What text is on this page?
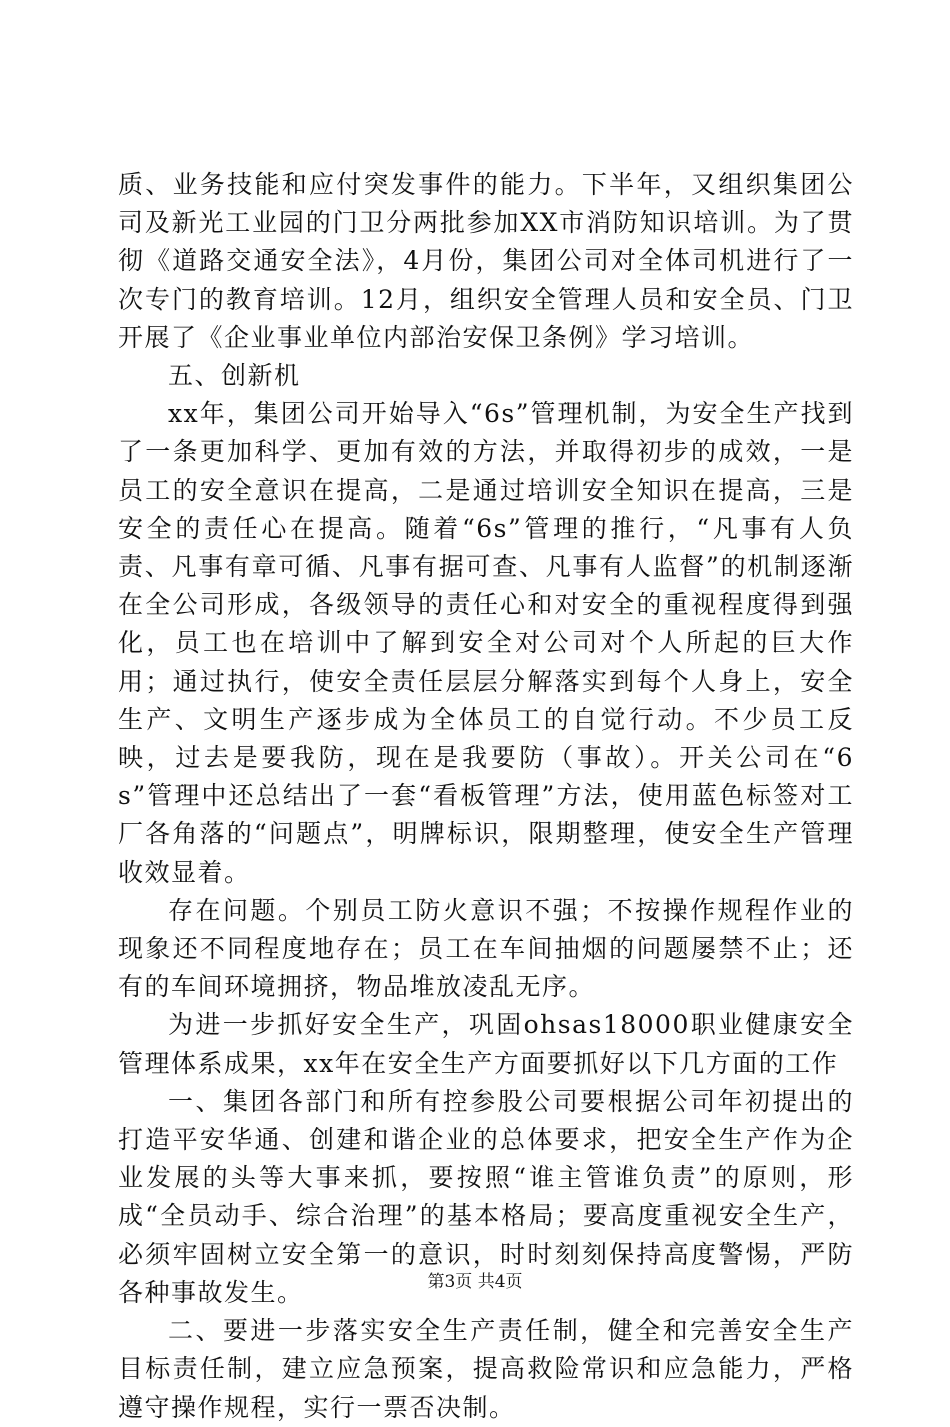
质、业务技能和应付突发事件的能力。下半年，又组织集团公司及新光工业园的门卫分两批参加XX市消防知识培训。为了贯彻《道路交通安全法》，4月份，集团公司对全体司机进行了一次专门的教育培训。12月，组织安全管理人员和安全员、门卫开展了《企业事业单位内部治安保卫条例》学习培训。

五、创新机

xx年，集团公司开始导入“6s”管理机制，为安全生产找到了一条更加科学、更加有效的方法，并取得初步的成效，一是员工的安全意识在提高，二是通过培训安全知识在提高，三是安全的责任心在提高。随着“6s”管理的推行，“凡事有人负责、凡事有章可循、凡事有据可查、凡事有人监督”的机制逐渐在全公司形成，各级领导的责任心和对安全的重视程度得到强化，员工也在培训中了解到安全对公司对个人所起的巨大作用；通过执行，使安全责任层层分解落实到每个人身上，安全生产、文明生产逐步成为全体员工的自觉行动。不少员工反映，过去是要我防，现在是我要防（事故）。开关公司在“6s”管理中还总结出了一套“看板管理”方法，使用蓝色标签对工厂各角落的“问题点”，明牌标识，限期整理，使安全生产管理收效显着。

存在问题。个别员工防火意识不强；不按操作规程作业的现象还不同程度地存在；员工在车间抽烟的问题屡禁不止；还有的车间环境拥挤，物品堆放凌乱无序。

为进一步抓好安全生产，巩固ohsas18000职业健康安全管理体系成果，xx年在安全生产方面要抓好以下几方面的工作

一、集团各部门和所有控参股公司要根据公司年初提出的打造平安华通、创建和谐企业的总体要求，把安全生产作为企业发展的头等大事来抓，要按照“谁主管谁负责”的原则，形成“全员动手、综合治理”的基本格局；要高度重视安全生产，必须牢固树立安全第一的意识，时时刻刻保持高度警惕，严防各种事故发生。

二、要进一步落实安全生产责任制，健全和完善安全生产目标责任制，建立应急预案，提高救险常识和应急能力，严格遵守操作规程，实行一票否决制。

第3页 共4页
